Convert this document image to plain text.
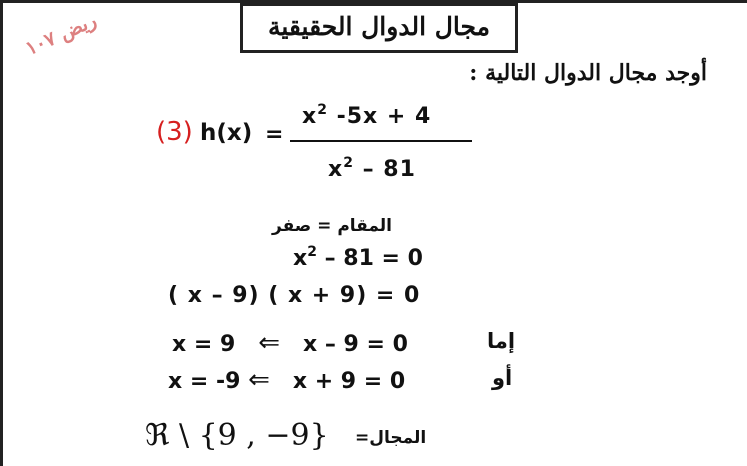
ريض ١٠٧	مجال الدوال الحقيقية
أوجد مجال الدوال التالية :
(3) h(x) =
$x^2$ -5x + 4
$x^2 - 81$
المقام = صفر
$x^2 - 81 = 0$
( x – 9) ( x + 9) = 0
x = 9 ⇐ x – 9 = 0	إما
x = -9 ⇐ x + 9 = 0	أو
ℜ \ {9 , −9} المجال=
